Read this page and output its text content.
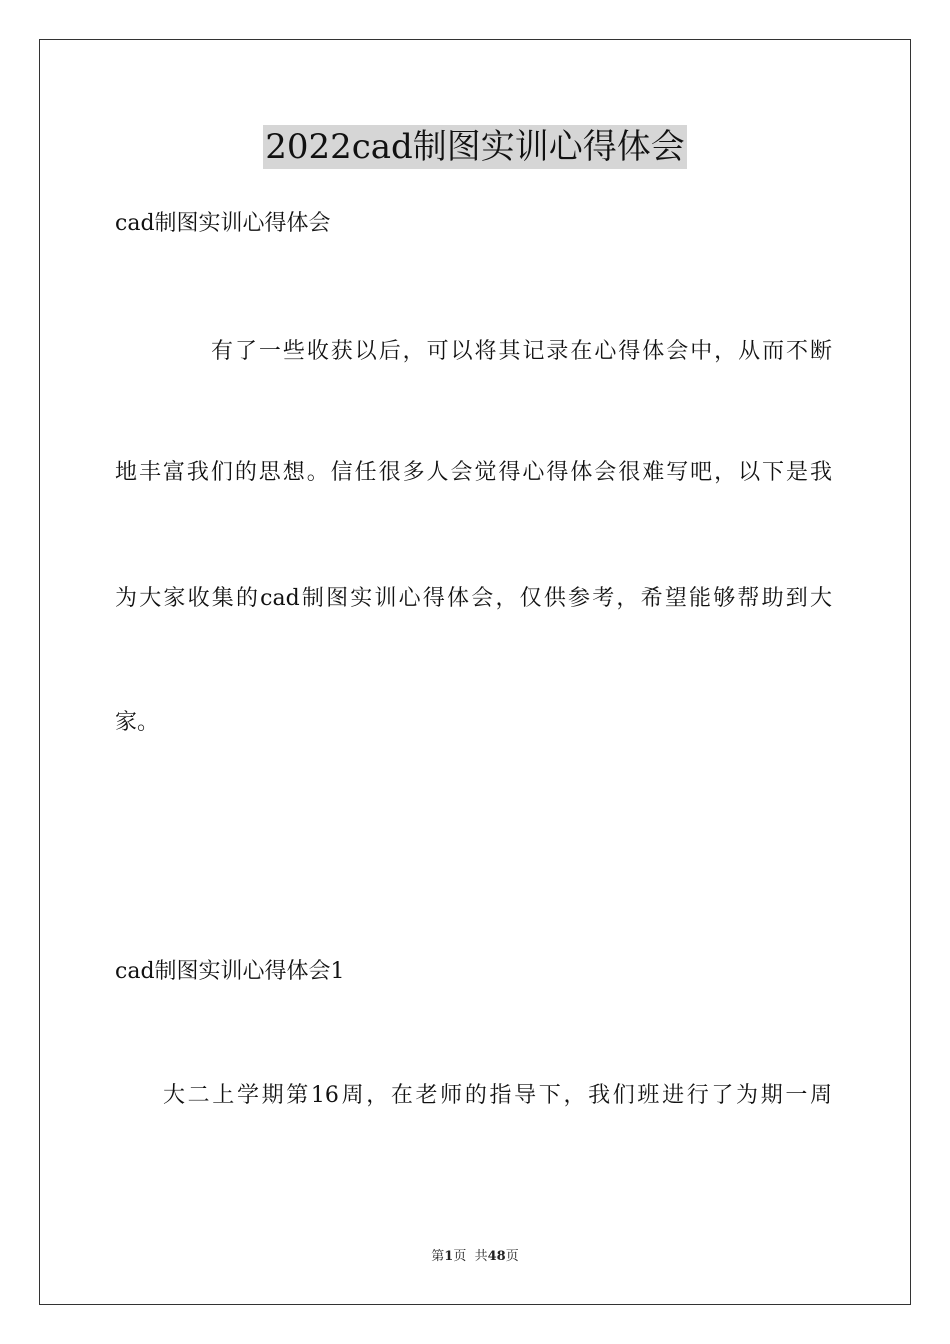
2022cad制图实训心得体会
cad制图实训心得体会
有了一些收获以后，可以将其记录在心得体会中，从而不断
地丰富我们的思想。信任很多人会觉得心得体会很难写吧，以下是我
为大家收集的cad制图实训心得体会，仅供参考，希望能够帮助到大
家。
cad制图实训心得体会1
大二上学期第16周，在老师的指导下，我们班进行了为期一周
第1页  共48页
